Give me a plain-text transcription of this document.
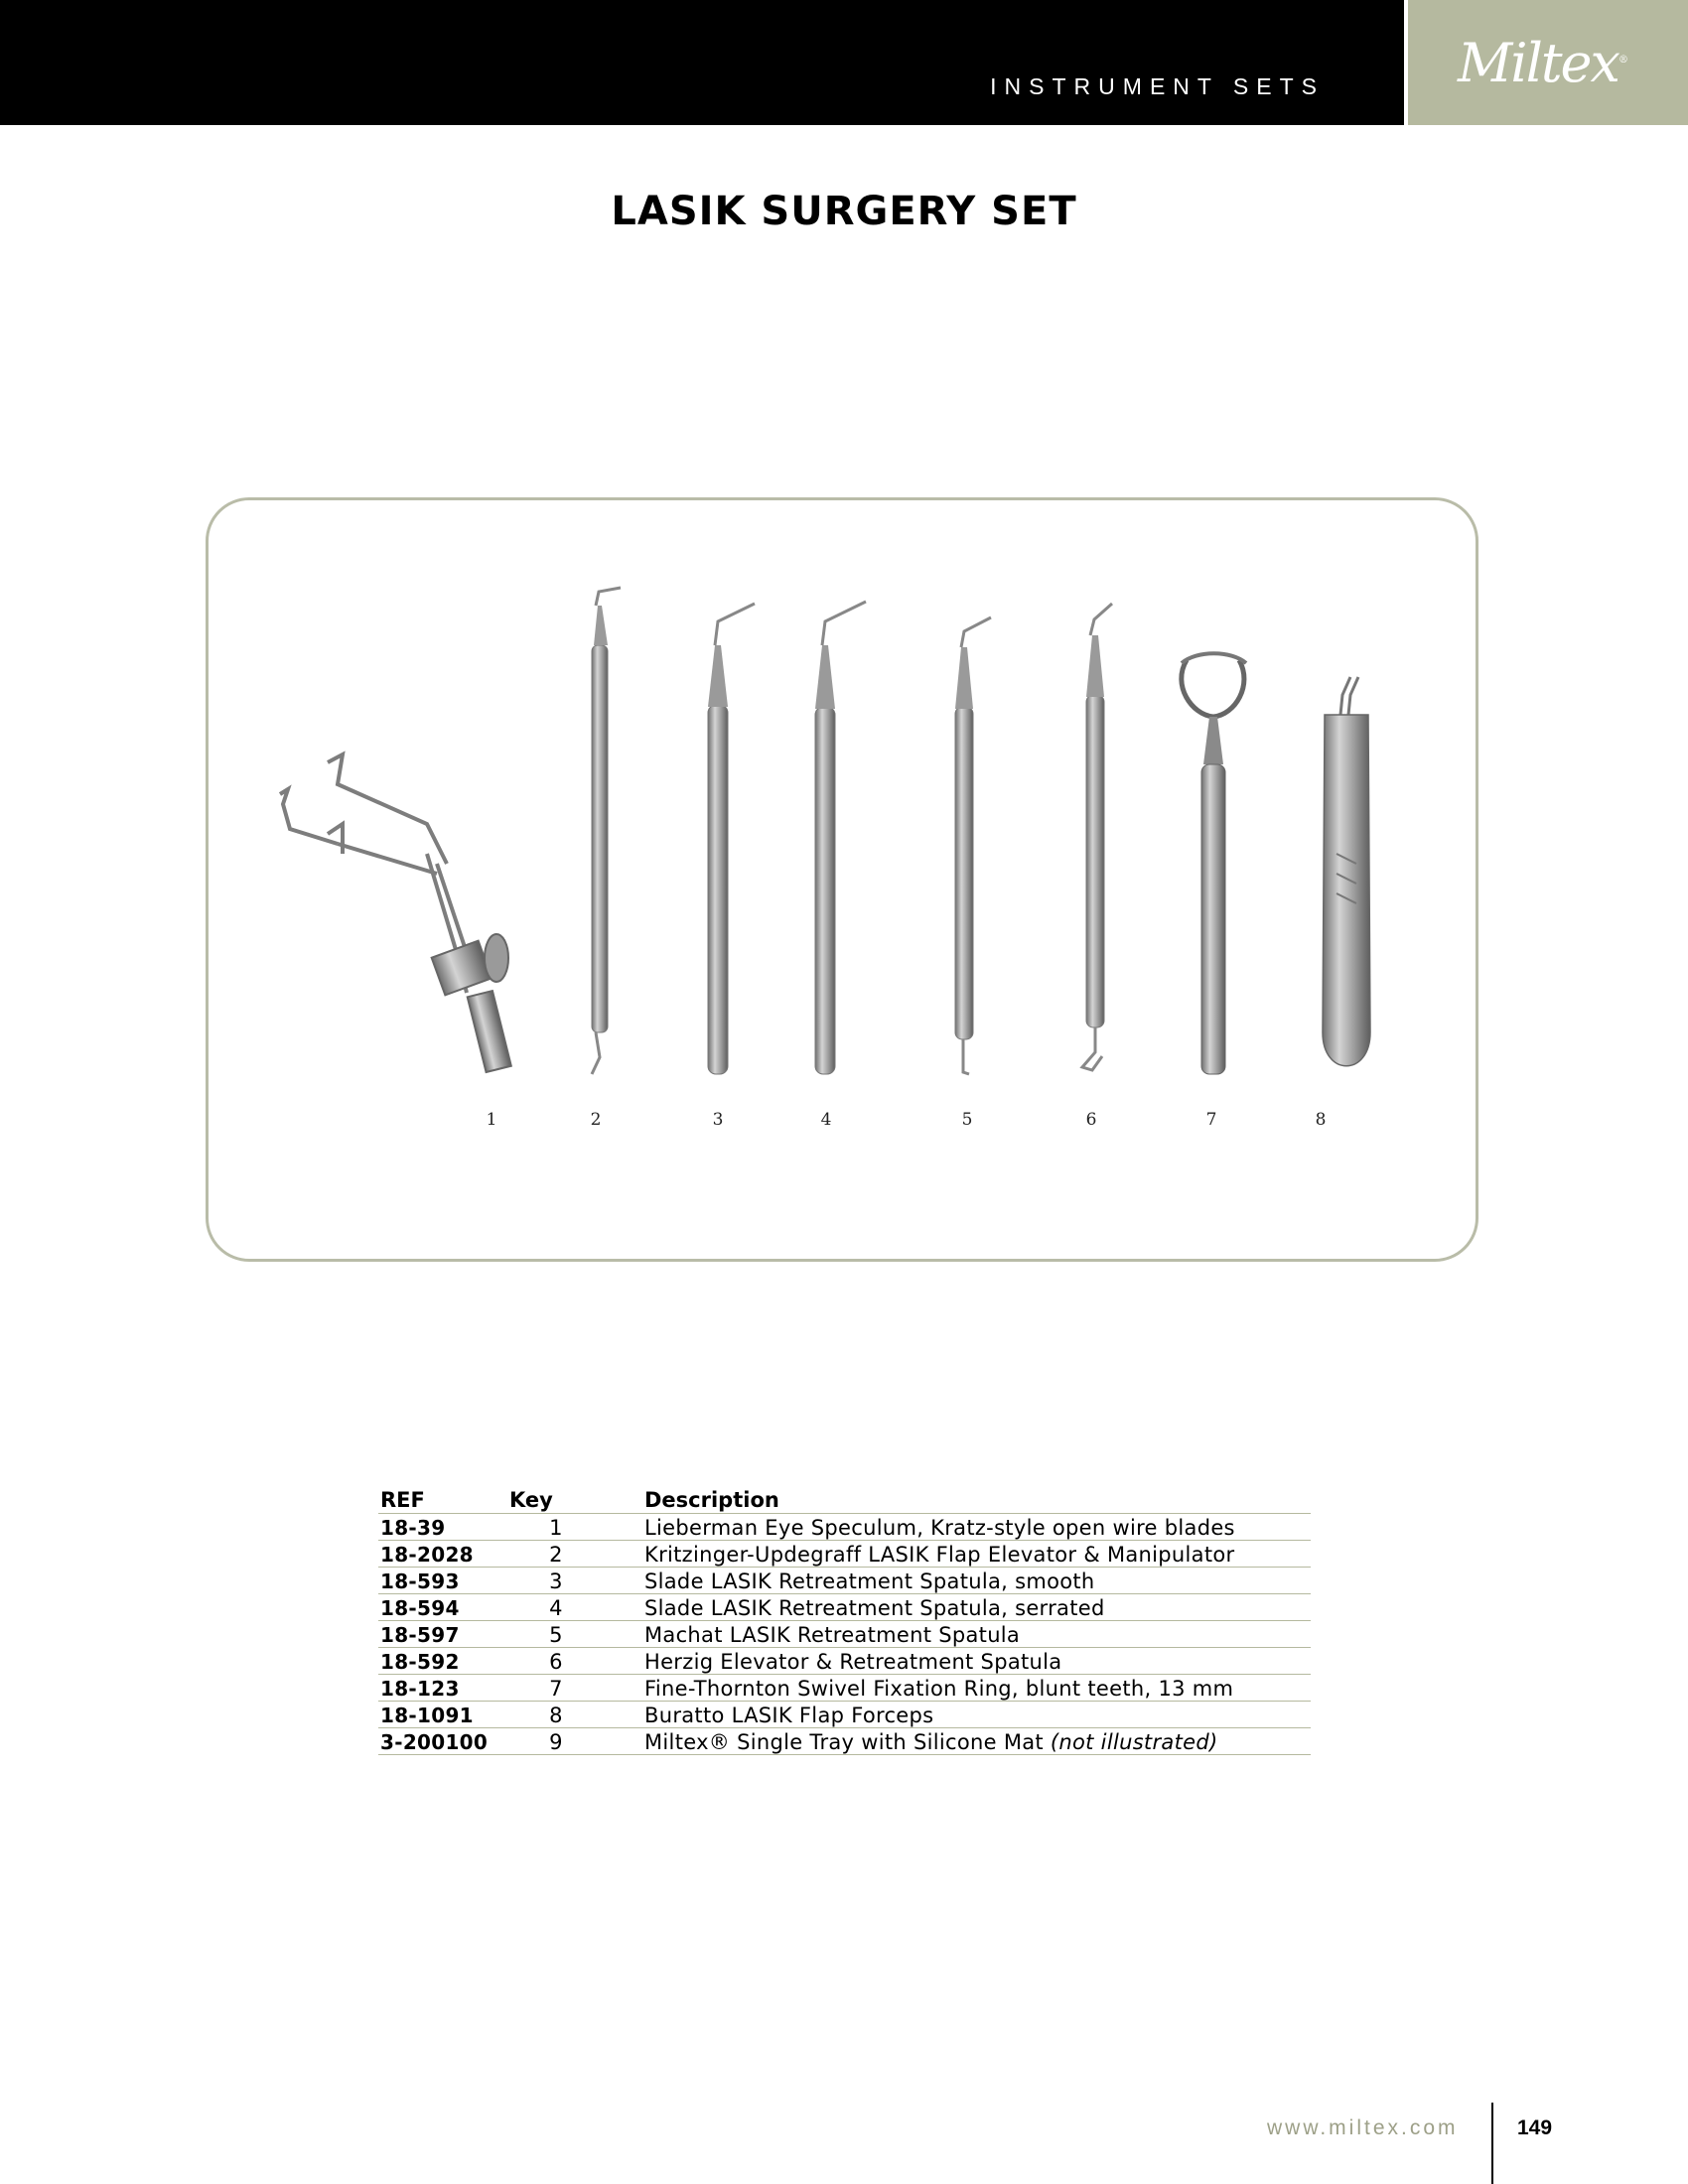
INSTRUMENT SETS Miltex®
LASIK SURGERY SET
1	2	3	4	5	6	7	8
REF	Key	Description
18-39	1	Lieberman Eye Speculum, Kratz-style open wire blades
18-2028	2	Kritzinger-Updegraff LASIK Flap Elevator & Manipulator
18-593	3	Slade LASIK Retreatment Spatula, smooth
18-594	4	Slade LASIK Retreatment Spatula, serrated
18-597	5	Machat LASIK Retreatment Spatula
18-592	6	Herzig Elevator & Retreatment Spatula
18-123	7	Fine-Thornton Swivel Fixation Ring, blunt teeth, 13 mm
18-1091	8	Buratto LASIK Flap Forceps
3-200100	9	Miltex® Single Tray with Silicone Mat (not illustrated)
www.miltex.com	149
